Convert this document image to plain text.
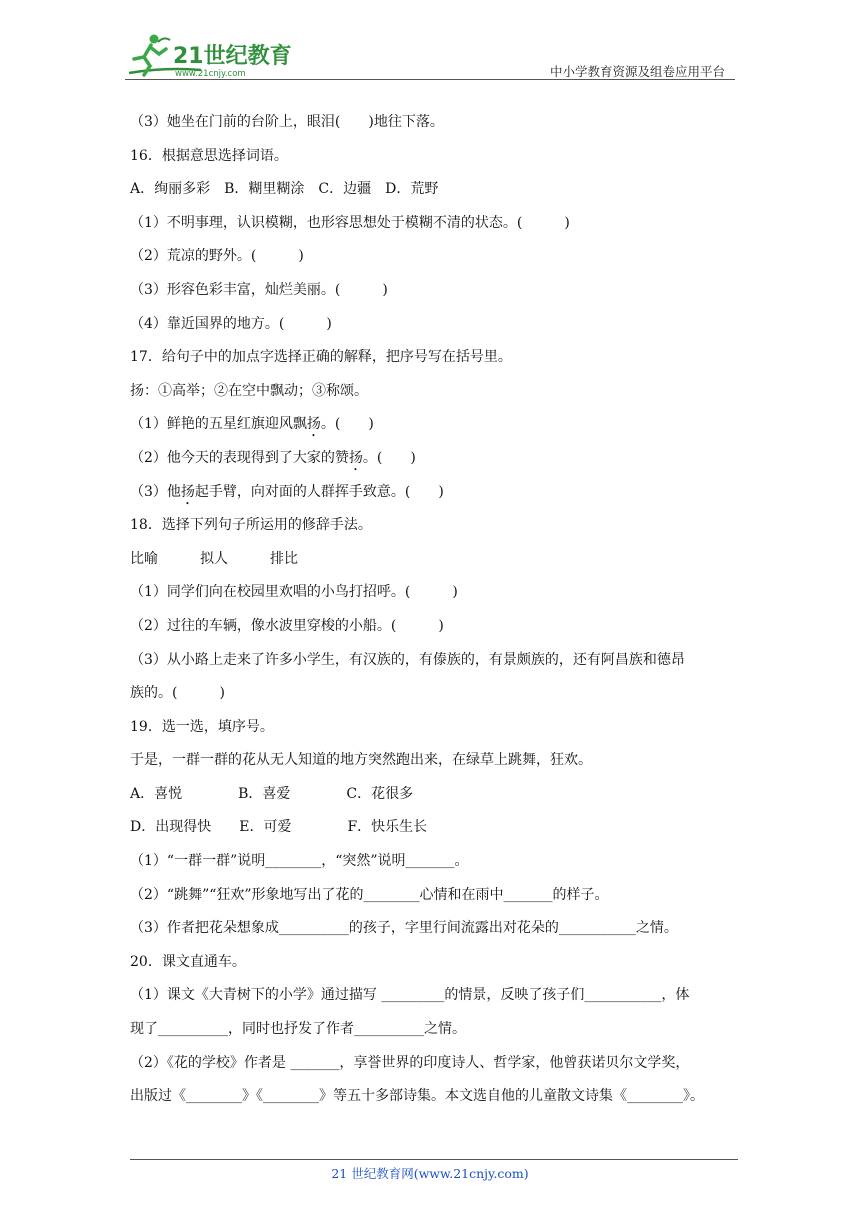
21世纪教育
www.21cnjy.com	中小学教育资源及组卷应用平台
（3）她坐在门前的台阶上，眼泪(　　)地往下落。
16．根据意思选择词语。
A．绚丽多彩　B．糊里糊涂　C．边疆　D．荒野
（1）不明事理，认识模糊，也形容思想处于模糊不清的状态。(　　　)
（2）荒凉的野外。(　　　)
（3）形容色彩丰富，灿烂美丽。(　　　)
（4）靠近国界的地方。(　　　)
17．给句子中的加点字选择正确的解释，把序号写在括号里。
扬：①高举；②在空中飘动；③称颂。
（1）鲜艳的五星红旗迎风飘扬。(　　)
（2）他今天的表现得到了大家的赞扬。(　　)
（3）他扬起手臂，向对面的人群挥手致意。(　　)
18．选择下列句子所运用的修辞手法。
比喻　　　拟人　　　排比
（1）同学们向在校园里欢唱的小鸟打招呼。(　　　)
（2）过往的车辆，像水波里穿梭的小船。(　　　)
（3）从小路上走来了许多小学生，有汉族的，有傣族的，有景颇族的，还有阿昌族和德昂
族的。(　　　)
19．选一选，填序号。
于是，一群一群的花从无人知道的地方突然跑出来，在绿草上跳舞，狂欢。
A．喜悦　　　　B．喜爱　　　　C．花很多
D．出现得快　　E．可爱　　　　F．快乐生长
（1）“一群一群”说明________，“突然”说明_______。
（2）“跳舞”“狂欢”形象地写出了花的________心情和在雨中_______的样子。
（3）作者把花朵想象成__________的孩子，字里行间流露出对花朵的___________之情。
20．课文直通车。
（1）课文《大青树下的小学》通过描写 _________的情景，反映了孩子们___________，体
现了__________，同时也抒发了作者__________之情。
（2）《花的学校》作者是 _______，享誉世界的印度诗人、哲学家，他曾获诺贝尔文学奖，
出版过《________》《________》等五十多部诗集。本文选自他的儿童散文诗集《________》。
21 世纪教育网(www.21cnjy.com)
